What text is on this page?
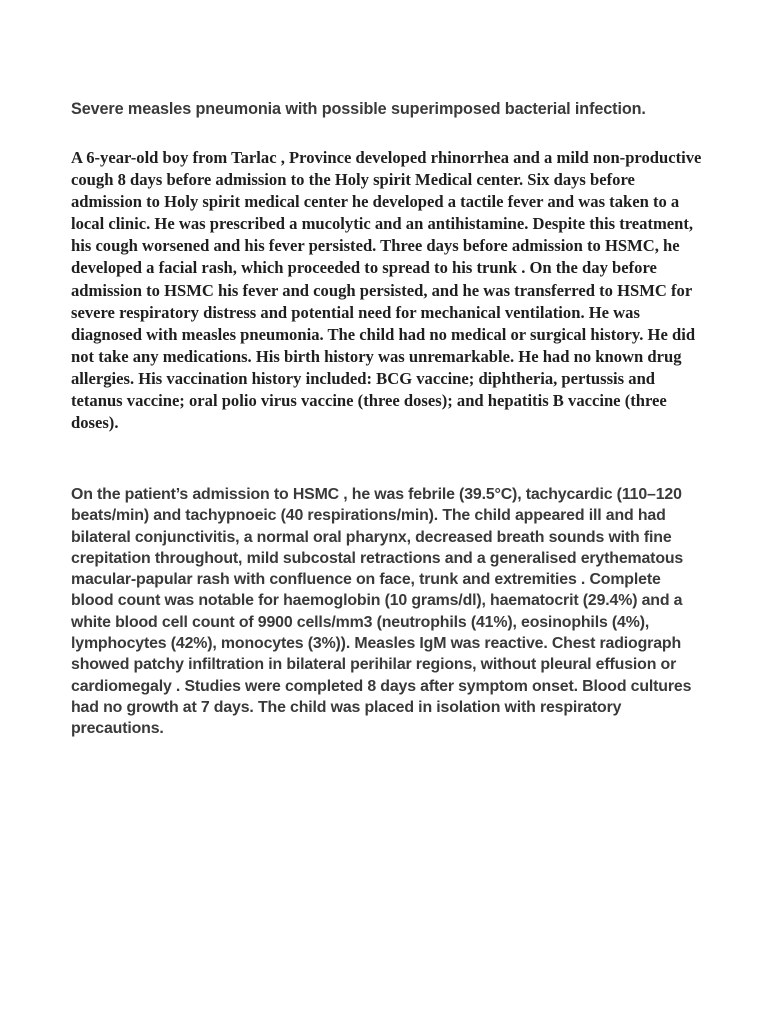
Severe measles pneumonia with possible superimposed bacterial infection.

A 6-year-old boy from Tarlac , Province developed rhinorrhea and a mild non-productive cough 8 days before admission to the Holy spirit Medical center. Six days before admission to Holy spirit medical center he developed a tactile fever and was taken to a local clinic. He was prescribed a mucolytic and an antihistamine. Despite this treatment, his cough worsened and his fever persisted. Three days before admission to HSMC, he developed a facial rash, which proceeded to spread to his trunk . On the day before admission to HSMC his fever and cough persisted, and he was transferred to HSMC for severe respiratory distress and potential need for mechanical ventilation. He was diagnosed with measles pneumonia. The child had no medical or surgical history. He did not take any medications. His birth history was unremarkable. He had no known drug allergies. His vaccination history included: BCG vaccine; diphtheria, pertussis and tetanus vaccine; oral polio virus vaccine (three doses); and hepatitis B vaccine (three doses).

On the patient’s admission to HSMC , he was febrile (39.5°C), tachycardic (110–120 beats/min) and tachypnoeic (40 respirations/min). The child appeared ill and had bilateral conjunctivitis, a normal oral pharynx, decreased breath sounds with fine crepitation throughout, mild subcostal retractions and a generalised erythematous macular-papular rash with confluence on face, trunk and extremities . Complete blood count was notable for haemoglobin (10 grams/dl), haematocrit (29.4%) and a white blood cell count of 9900 cells/mm3 (neutrophils (41%), eosinophils (4%), lymphocytes (42%), monocytes (3%)). Measles IgM was reactive. Chest radiograph showed patchy infiltration in bilateral perihilar regions, without pleural effusion or cardiomegaly . Studies were completed 8 days after symptom onset. Blood cultures had no growth at 7 days. The child was placed in isolation with respiratory precautions.
